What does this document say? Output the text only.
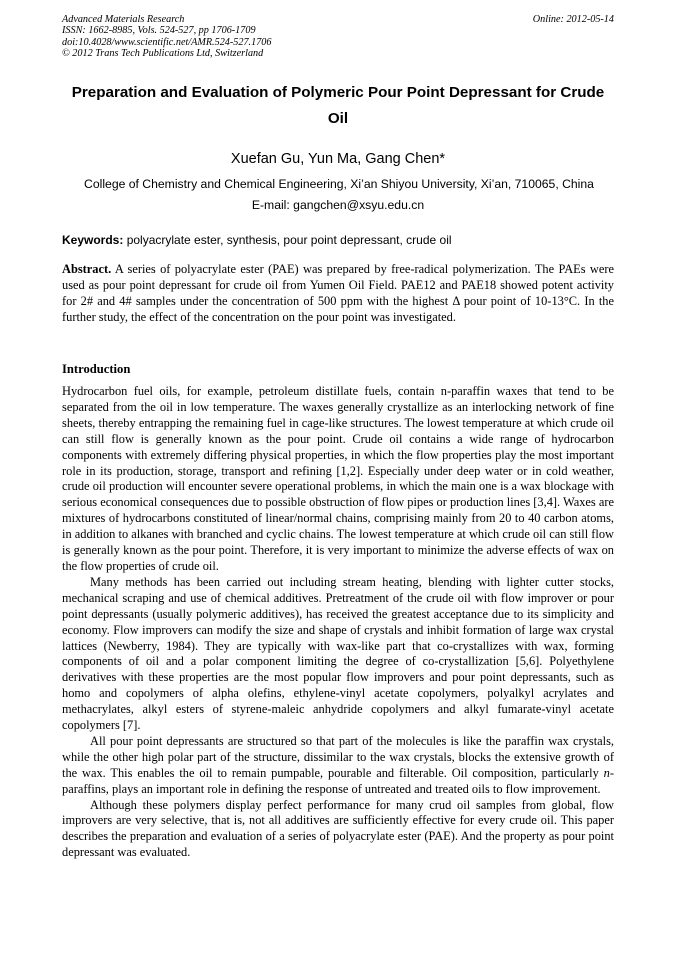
Advanced Materials Research
ISSN: 1662-8985, Vols. 524-527, pp 1706-1709
doi:10.4028/www.scientific.net/AMR.524-527.1706
© 2012 Trans Tech Publications Ltd, Switzerland
Online: 2012-05-14
Preparation and Evaluation of Polymeric Pour Point Depressant for Crude Oil
Xuefan Gu, Yun Ma, Gang Chen*
College of Chemistry and Chemical Engineering, Xi’an Shiyou University, Xi’an, 710065, China
E-mail: gangchen@xsyu.edu.cn
Keywords: polyacrylate ester, synthesis, pour point depressant, crude oil
Abstract. A series of polyacrylate ester (PAE) was prepared by free-radical polymerization. The PAEs were used as pour point depressant for crude oil from Yumen Oil Field. PAE12 and PAE18 showed potent activity for 2# and 4# samples under the concentration of 500 ppm with the highest Δ pour point of 10-13°C. In the further study, the effect of the concentration on the pour point was investigated.
Introduction

Hydrocarbon fuel oils, for example, petroleum distillate fuels, contain n-paraffin waxes that tend to be separated from the oil in low temperature. The waxes generally crystallize as an interlocking network of fine sheets, thereby entrapping the remaining fuel in cage-like structures. The lowest temperature at which crude oil can still flow is generally known as the pour point. Crude oil contains a wide range of hydrocarbon components with extremely differing physical properties, in which the flow properties play the most important role in its production, storage, transport and refining [1,2]. Especially under deep water or in cold weather, crude oil production will encounter severe operational problems, in which the main one is a wax blockage with serious economical consequences due to possible obstruction of flow pipes or production lines [3,4]. Waxes are mixtures of hydrocarbons constituted of linear/normal chains, comprising mainly from 20 to 40 carbon atoms, in addition to alkanes with branched and cyclic chains. The lowest temperature at which crude oil can still flow is generally known as the pour point. Therefore, it is very important to minimize the adverse effects of wax on the flow properties of crude oil.

Many methods has been carried out including stream heating, blending with lighter cutter stocks, mechanical scraping and use of chemical additives. Pretreatment of the crude oil with flow improver or pour point depressants (usually polymeric additives), has received the greatest acceptance due to its simplicity and economy. Flow improvers can modify the size and shape of crystals and inhibit formation of large wax crystal lattices (Newberry, 1984). They are typically with wax-like part that co-crystallizes with wax, forming components of oil and a polar component limiting the degree of co-crystallization [5,6]. Polyethylene derivatives with these properties are the most popular flow improvers and pour point depressants, such as homo and copolymers of alpha olefins, ethylene-vinyl acetate copolymers, polyalkyl acrylates and methacrylates, alkyl esters of styrene-maleic anhydride copolymers and alkyl fumarate-vinyl acetate copolymers [7].

All pour point depressants are structured so that part of the molecules is like the paraffin wax crystals, while the other high polar part of the structure, dissimilar to the wax crystals, blocks the extensive growth of the wax. This enables the oil to remain pumpable, pourable and filterable. Oil composition, particularly n-paraffins, plays an important role in defining the response of untreated and treated oils to flow improvement.

Although these polymers display perfect performance for many crud oil samples from global, flow improvers are very selective, that is, not all additives are sufficiently effective for every crude oil. This paper describes the preparation and evaluation of a series of polyacrylate ester (PAE). And the property as pour point depressant was evaluated.
